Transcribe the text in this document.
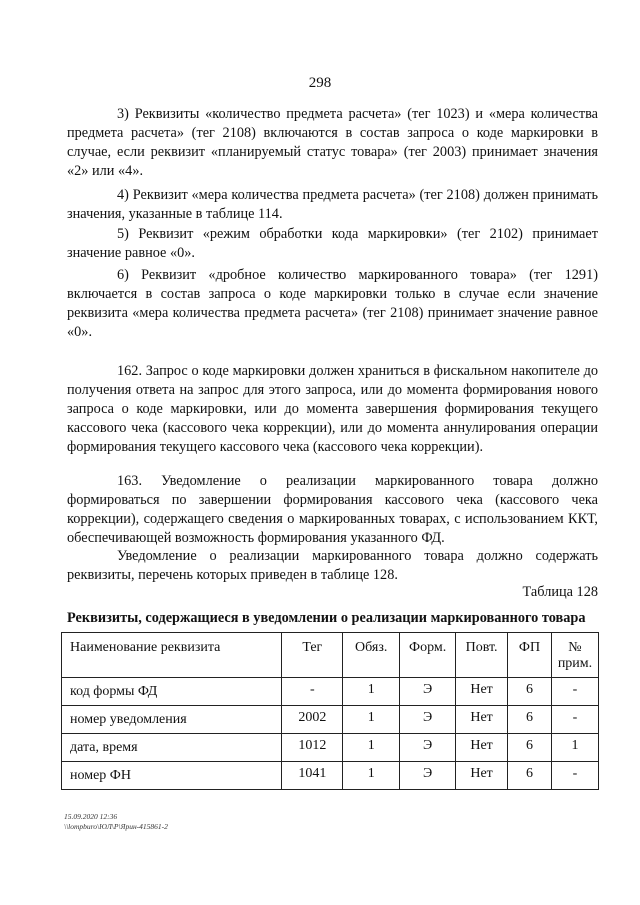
298
3) Реквизиты «количество предмета расчета» (тег 1023) и «мера количества предмета расчета» (тег 2108) включаются в состав запроса о коде маркировки в случае, если реквизит «планируемый статус товара» (тег 2003) принимает значения «2» или «4».
4) Реквизит «мера количества предмета расчета» (тег 2108) должен принимать значения, указанные в таблице 114.
5) Реквизит «режим обработки кода маркировки» (тег 2102) принимает значение равное «0».
6) Реквизит «дробное количество маркированного товара» (тег 1291) включается в состав запроса о коде маркировки только в случае если значение реквизита «мера количества предмета расчета» (тег 2108) принимает значение равное «0».
162. Запрос о коде маркировки должен храниться в фискальном накопителе до получения ответа на запрос для этого запроса, или до момента формирования нового запроса о коде маркировки, или до момента завершения формирования текущего кассового чека (кассового чека коррекции), или до момента аннулирования операции формирования текущего кассового чека (кассового чека коррекции).
163. Уведомление о реализации маркированного товара должно формироваться по завершении формирования кассового чека (кассового чека коррекции), содержащего сведения о маркированных товарах, с использованием ККТ, обеспечивающей возможность формирования указанного ФД.
Уведомление о реализации маркированного товара должно содержать реквизиты, перечень которых приведен в таблице 128.
Таблица 128
Реквизиты, содержащиеся в уведомлении о реализации маркированного товара
Наименование реквизита	Тег	Обяз.	Форм.	Повт.	ФП	№ прим.
код формы ФД	-	1	Э	Нет	6	-
номер уведомления	2002	1	Э	Нет	6	-
дата, время	1012	1	Э	Нет	6	1
номер ФН	1041	1	Э	Нет	6	-
15.09.2020 12:36
\\lompburo\ЮЛ\Р\Ярин-415861-2
